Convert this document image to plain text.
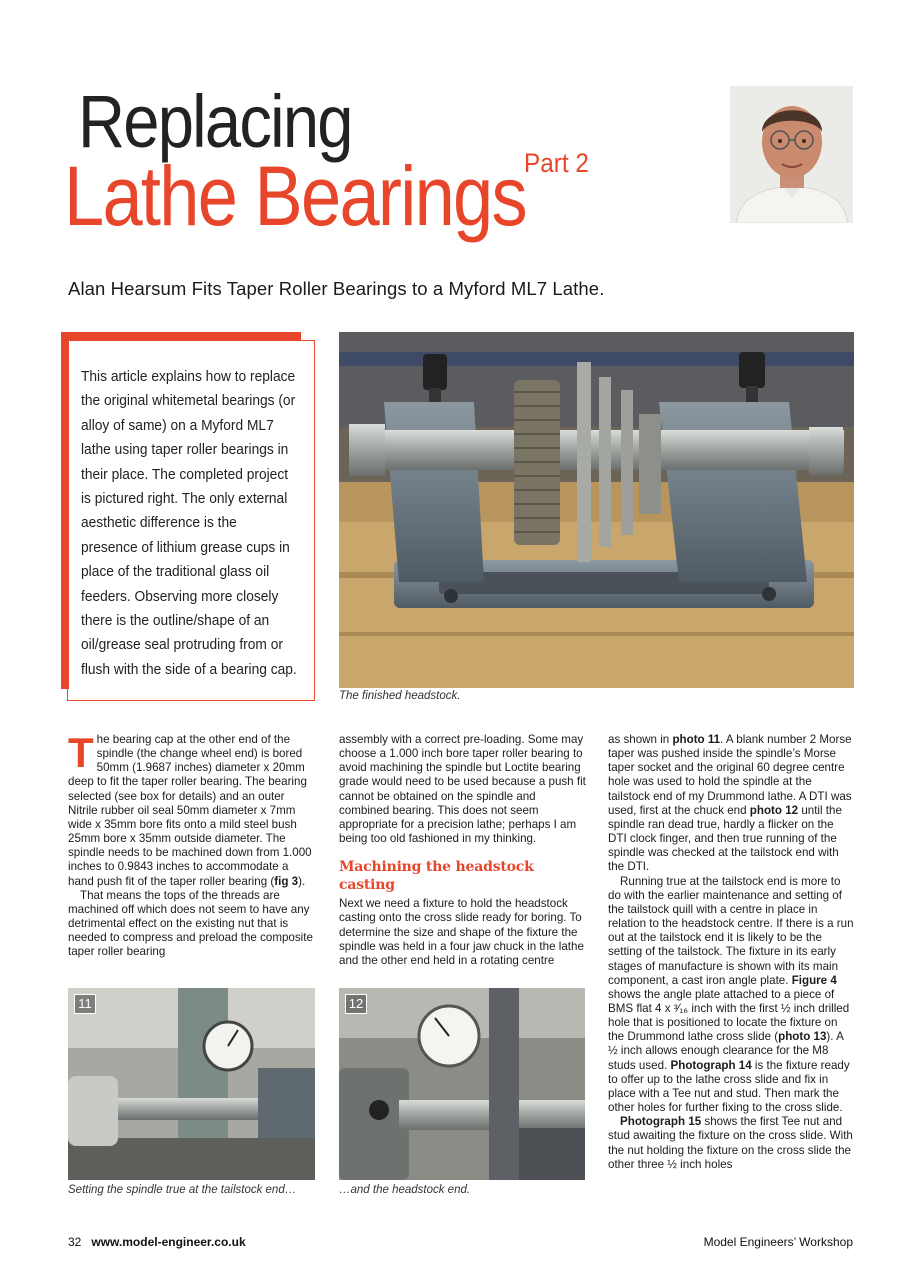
Replacing
Lathe Bearings
Part 2
Alan Hearsum Fits Taper Roller Bearings to a Myford ML7 Lathe.
This article explains how to replace the original whitemetal bearings (or alloy of same) on a Myford ML7 lathe using taper roller bearings in their place. The completed project is pictured right. The only external aesthetic difference is the presence of lithium grease cups in place of the traditional glass oil feeders. Observing more closely there is the outline/shape of an oil/grease seal protruding from or flush with the side of a bearing cap.
The finished headstock.

The bearing cap at the other end of the spindle (the change wheel end) is bored 50mm (1.9687 inches) diameter x 20mm deep to fit the taper roller bearing. The bearing selected (see box for details) and an outer Nitrile rubber oil seal 50mm diameter x 7mm wide x 35mm bore fits onto a mild steel bush 25mm bore x 35mm outside diameter. The spindle needs to be machined down from 1.000 inches to 0.9843 inches to accommodate a hand push fit of the taper roller bearing (fig 3).

That means the tops of the threads are machined off which does not seem to have any detrimental effect on the existing nut that is needed to compress and preload the composite taper roller bearing

assembly with a correct pre-loading. Some may choose a 1.000 inch bore taper roller bearing to avoid machining the spindle but Loctite bearing grade would need to be used because a push fit cannot be obtained on the spindle and combined bearing. This does not seem appropriate for a precision lathe; perhaps I am being too old fashioned in my thinking.

Machining the headstock casting

Next we need a fixture to hold the headstock casting onto the cross slide ready for boring. To determine the size and shape of the fixture the spindle was held in a four jaw chuck in the lathe and the other end held in a rotating centre

as shown in photo 11. A blank number 2 Morse taper was pushed inside the spindle’s Morse taper socket and the original 60 degree centre hole was used to hold the spindle at the tailstock end of my Drummond lathe. A DTI was used, first at the chuck end photo 12 until the spindle ran dead true, hardly a flicker on the DTI clock finger, and then true running of the spindle was checked at the tailstock end with the DTI.

Running true at the tailstock end is more to do with the earlier maintenance and setting of the tailstock quill with a centre in place in relation to the headstock centre. If there is a run out at the tailstock end it is likely to be the setting of the tailstock. The fixture in its early stages of manufacture is shown with its main component, a cast iron angle plate. Figure 4 shows the angle plate attached to a piece of BMS flat 4 x ³⁄₁₆ inch with the first ½ inch drilled hole that is positioned to locate the fixture on the Drummond lathe cross slide (photo 13). A ½ inch allows enough clearance for the M8 studs used. Photograph 14 is the fixture ready to offer up to the lathe cross slide and fix in place with a Tee nut and stud. Then mark the other holes for further fixing to the cross slide.

Photograph 15 shows the first Tee nut and stud awaiting the fixture on the cross slide. With the nut holding the fixture on the cross slide the other three ½ inch holes

11
Setting the spindle true at the tailstock end…
12
…and the headstock end.
32 www.model-engineer.co.uk	Model Engineers’ Workshop
